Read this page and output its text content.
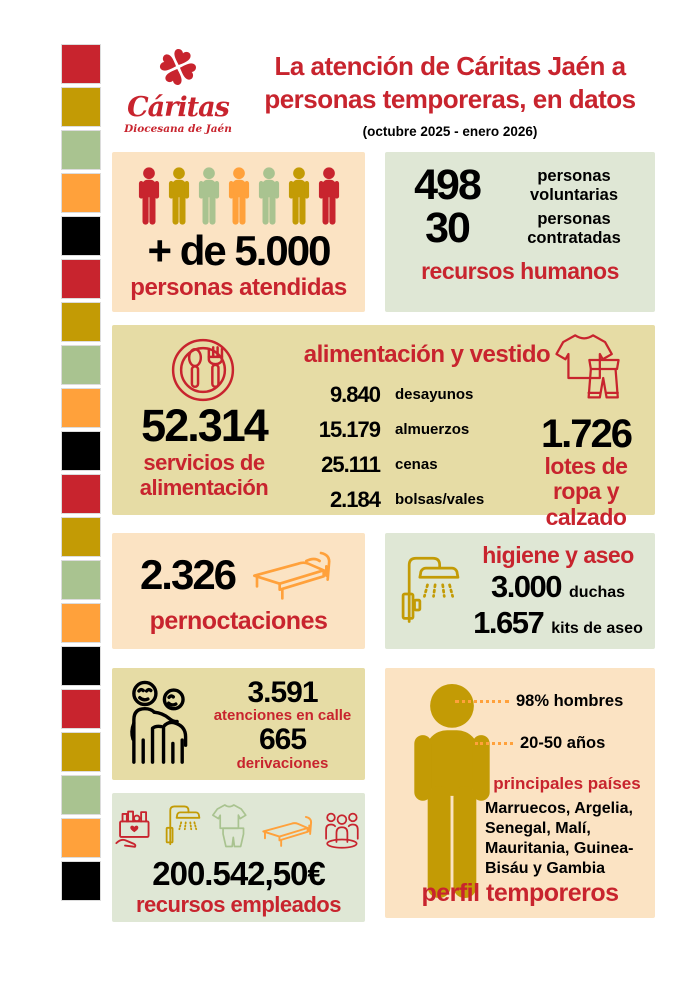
Cáritas
Diocesana de Jaén
La atención de Cáritas Jaén a
personas temporeras, en datos
(octubre 2025 - enero 2026)
+ de 5.000
personas atendidas
498	personas voluntarias
30	personas contratadas
recursos humanos
alimentación y vestido
52.314
servicios de alimentación
9.840	desayunos
15.179	almuerzos
25.111	cenas
2.184	bolsas/vales
1.726
lotes de ropa y calzado
2.326
pernoctaciones
higiene y aseo
3.000 duchas
1.657 kits de aseo
3.591
atenciones en calle
665
derivaciones
98% hombres
20-50 años
principales países
Marruecos, Argelia, Senegal, Malí, Mauritania, Guinea-Bisáu y Gambia
perfil temporeros
200.542,50€
recursos empleados
